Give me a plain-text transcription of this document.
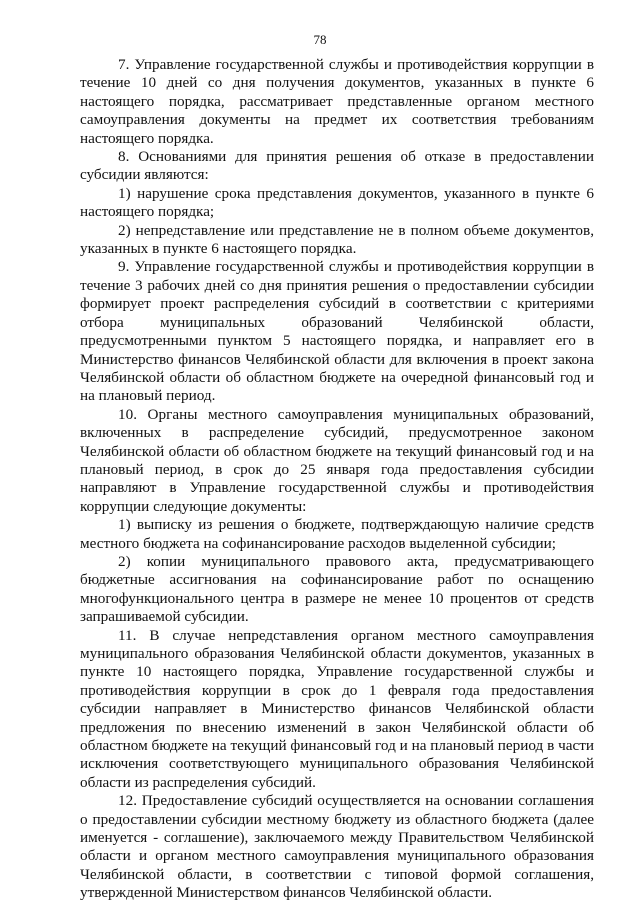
78

7. Управление государственной службы и противодействия коррупции в течение 10 дней со дня получения документов, указанных в пункте 6 настоящего порядка, рассматривает представленные органом местного самоуправления документы на предмет их соответствия требованиям настоящего порядка.

8. Основаниями для принятия решения об отказе в предоставлении субсидии являются:

1) нарушение срока представления документов, указанного в пункте 6 настоящего порядка;

2) непредставление или представление не в полном объеме документов, указанных в пункте 6 настоящего порядка.

9. Управление государственной службы и противодействия коррупции в течение 3 рабочих дней со дня принятия решения о предоставлении субсидии формирует проект распределения субсидий в соответствии с критериями отбора муниципальных образований Челябинской области, предусмотренными пунктом 5 настоящего порядка, и направляет его в Министерство финансов Челябинской области для включения в проект закона Челябинской области об областном бюджете на очередной финансовый год и на плановый период.

10. Органы местного самоуправления муниципальных образований, включенных в распределение субсидий, предусмотренное законом Челябинской области об областном бюджете на текущий финансовый год и на плановый период, в срок до 25 января года предоставления субсидии направляют в Управление государственной службы и противодействия коррупции следующие документы:

1) выписку из решения о бюджете, подтверждающую наличие средств местного бюджета на софинансирование расходов выделенной субсидии;

2) копии муниципального правового акта, предусматривающего бюджетные ассигнования на софинансирование работ по оснащению многофункционального центра в размере не менее 10 процентов от средств запрашиваемой субсидии.

11. В случае непредставления органом местного самоуправления муниципального образования Челябинской области документов, указанных в пункте 10 настоящего порядка, Управление государственной службы и противодействия коррупции в срок до 1 февраля года предоставления субсидии направляет в Министерство финансов Челябинской области предложения по внесению изменений в закон Челябинской области об областном бюджете на текущий финансовый год и на плановый период в части исключения соответствующего муниципального образования Челябинской области из распределения субсидий.

12. Предоставление субсидий осуществляется на основании соглашения о предоставлении субсидии местному бюджету из областного бюджета (далее именуется - соглашение), заключаемого между Правительством Челябинской области и органом местного самоуправления муниципального образования Челябинской области, в соответствии с типовой формой соглашения, утвержденной Министерством финансов Челябинской области.
